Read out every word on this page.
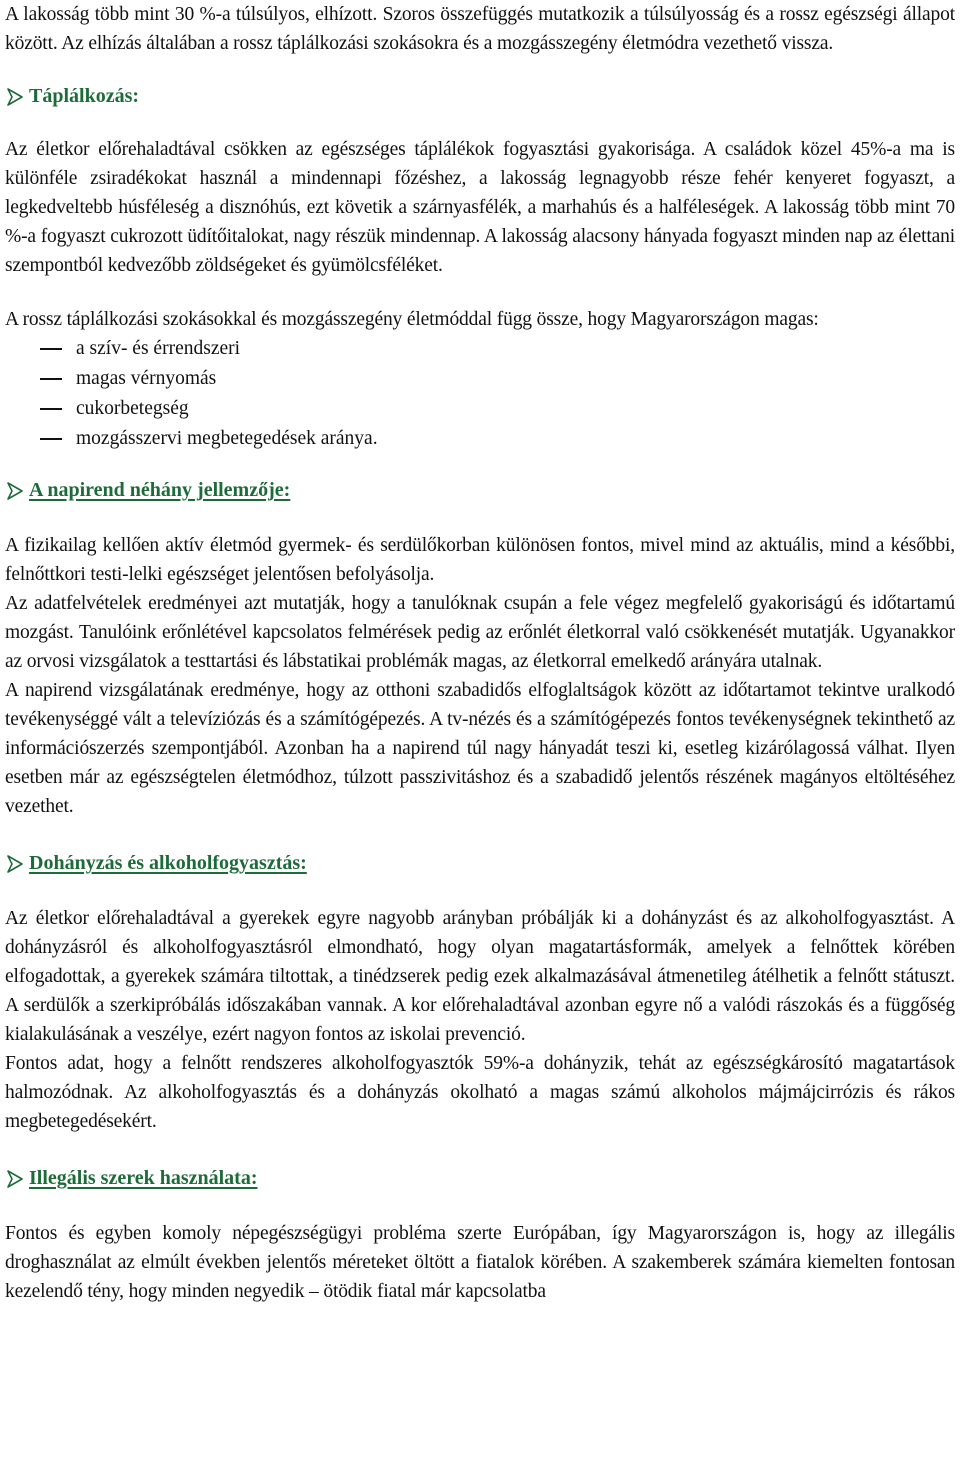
A lakosság több mint 30 %-a túlsúlyos, elhízott. Szoros összefüggés mutatkozik a túlsúlyosság és a rossz egészségi állapot között. Az elhízás általában a rossz táplálkozási szokásokra és a mozgásszegény életmódra vezethető vissza.

Táplálkozás:

Az életkor előrehaladtával csökken az egészséges táplálékok fogyasztási gyakorisága. A családok közel 45%-a ma is különféle zsiradékokat használ a mindennapi főzéshez, a lakosság legnagyobb része fehér kenyeret fogyaszt, a legkedveltebb húsféleség a disznóhús, ezt követik a szárnyasfélék, a marhahús és a halféleségek. A lakosság több mint 70 %-a fogyaszt cukrozott üdítőitalokat, nagy részük mindennap. A lakosság alacsony hányada fogyaszt minden nap az élettani szempontból kedvezőbb zöldségeket és gyümölcsféléket.

A rossz táplálkozási szokásokkal és mozgásszegény életmóddal függ össze, hogy Magyarországon magas:

a szív- és érrendszeri
magas vérnyomás
cukorbetegség
mozgásszervi megbetegedések aránya.
A napirend néhány jellemzője:

A fizikailag kellően aktív életmód gyermek- és serdülőkorban különösen fontos, mivel mind az aktuális, mind a későbbi, felnőttkori testi-lelki egészséget jelentősen befolyásolja.

Az adatfelvételek eredményei azt mutatják, hogy a tanulóknak csupán a fele végez megfelelő gyakoriságú és időtartamú mozgást. Tanulóink erőnlétével kapcsolatos felmérések pedig az erőnlét életkorral való csökkenését mutatják. Ugyanakkor az orvosi vizsgálatok a testtartási és lábstatikai problémák magas, az életkorral emelkedő arányára utalnak.

A napirend vizsgálatának eredménye, hogy az otthoni szabadidős elfoglaltságok között az időtartamot tekintve uralkodó tevékenységgé vált a televíziózás és a számítógépezés. A tv-nézés és a számítógépezés fontos tevékenységnek tekinthető az információszerzés szempontjából. Azonban ha a napirend túl nagy hányadát teszi ki, esetleg kizárólagossá válhat. Ilyen esetben már az egészségtelen életmódhoz, túlzott passzivitáshoz és a szabadidő jelentős részének magányos eltöltéséhez vezethet.

Dohányzás és alkoholfogyasztás:

Az életkor előrehaladtával a gyerekek egyre nagyobb arányban próbálják ki a dohányzást és az alkoholfogyasztást. A dohányzásról és alkoholfogyasztásról elmondható, hogy olyan magatartásformák, amelyek a felnőttek körében elfogadottak, a gyerekek számára tiltottak, a tinédzserek pedig ezek alkalmazásával átmenetileg átélhetik a felnőtt státuszt. A serdülők a szerkipróbálás időszakában vannak. A kor előrehaladtával azonban egyre nő a valódi rászokás és a függőség kialakulásának a veszélye, ezért nagyon fontos az iskolai prevenció.

Fontos adat, hogy a felnőtt rendszeres alkoholfogyasztók 59%-a dohányzik, tehát az egészségkárosító magatartások halmozódnak. Az alkoholfogyasztás és a dohányzás okolható a magas számú alkoholos májmájcirrózis és rákos megbetegedésekért.

Illegális szerek használata:

Fontos és egyben komoly népegészségügyi probléma szerte Európában, így Magyarországon is, hogy az illegális droghasználat az elmúlt években jelentős méreteket öltött a fiatalok körében. A szakemberek számára kiemelten fontosan kezelendő tény, hogy minden negyedik – ötödik fiatal már kapcsolatba
